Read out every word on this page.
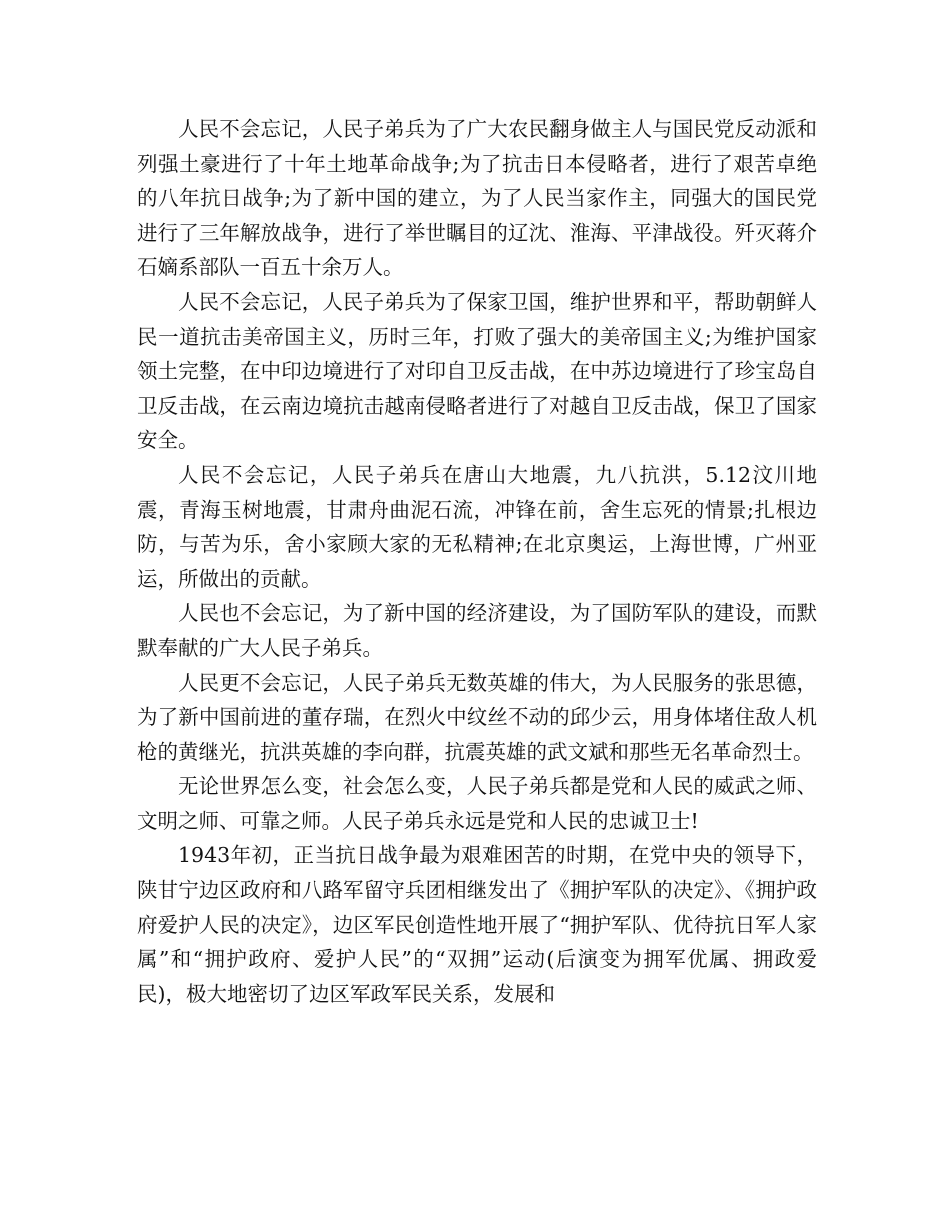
人民不会忘记，人民子弟兵为了广大农民翻身做主人与国民党反动派和列强土豪进行了十年土地革命战争;为了抗击日本侵略者，进行了艰苦卓绝的八年抗日战争;为了新中国的建立，为了人民当家作主，同强大的国民党进行了三年解放战争，进行了举世瞩目的辽沈、淮海、平津战役。歼灭蒋介石嫡系部队一百五十余万人。

人民不会忘记，人民子弟兵为了保家卫国，维护世界和平，帮助朝鲜人民一道抗击美帝国主义，历时三年，打败了强大的美帝国主义;为维护国家领土完整，在中印边境进行了对印自卫反击战，在中苏边境进行了珍宝岛自卫反击战，在云南边境抗击越南侵略者进行了对越自卫反击战，保卫了国家安全。

人民不会忘记，人民子弟兵在唐山大地震，九八抗洪，5.12汶川地震，青海玉树地震，甘肃舟曲泥石流，冲锋在前，舍生忘死的情景;扎根边防，与苦为乐，舍小家顾大家的无私精神;在北京奥运，上海世博，广州亚运，所做出的贡献。

人民也不会忘记，为了新中国的经济建设，为了国防军队的建设，而默默奉献的广大人民子弟兵。

人民更不会忘记，人民子弟兵无数英雄的伟大，为人民服务的张思德，为了新中国前进的董存瑞，在烈火中纹丝不动的邱少云，用身体堵住敌人机枪的黄继光，抗洪英雄的李向群，抗震英雄的武文斌和那些无名革命烈士。

无论世界怎么变，社会怎么变，人民子弟兵都是党和人民的威武之师、文明之师、可靠之师。人民子弟兵永远是党和人民的忠诚卫士!

1943年初，正当抗日战争最为艰难困苦的时期，在党中央的领导下，陕甘宁边区政府和八路军留守兵团相继发出了《拥护军队的决定》、《拥护政府爱护人民的决定》，边区军民创造性地开展了“拥护军队、优待抗日军人家属”和“拥护政府、爱护人民”的“双拥”运动(后演变为拥军优属、拥政爱民)，极大地密切了边区军政军民关系，发展和
